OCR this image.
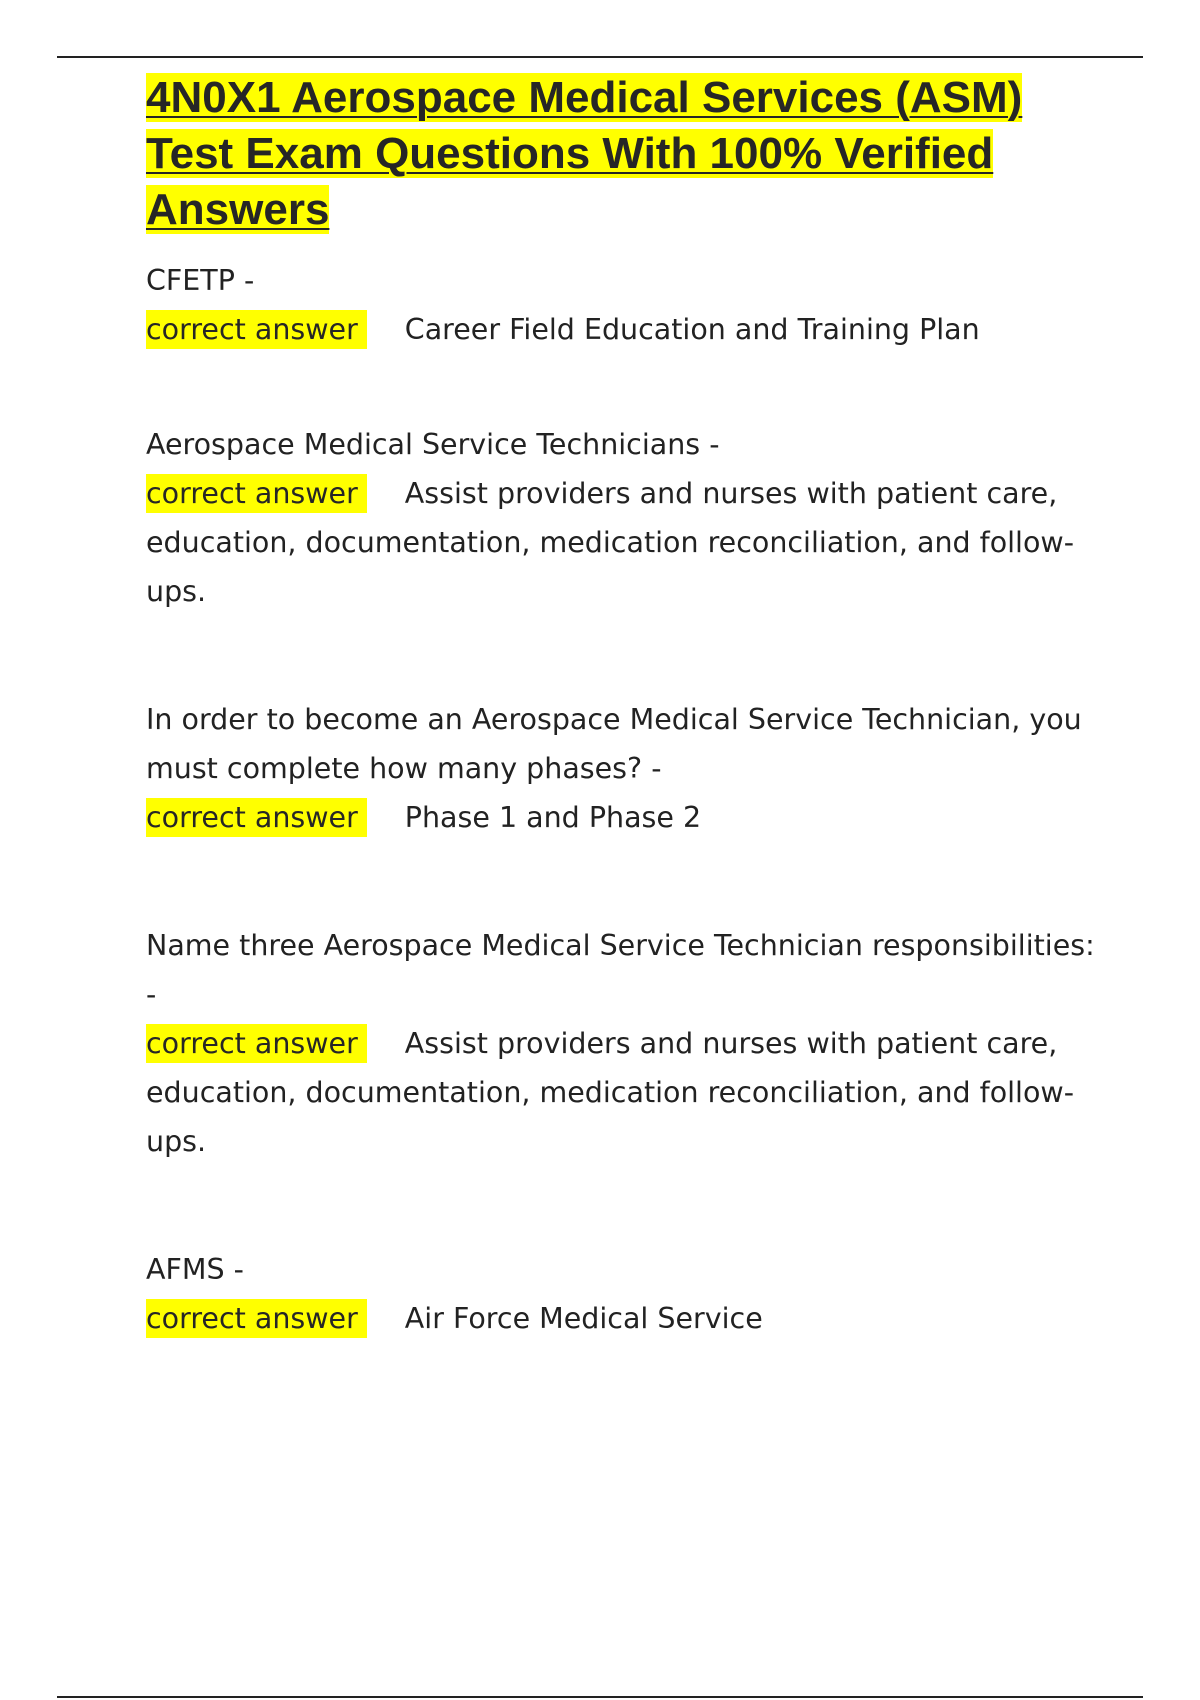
4N0X1 Aerospace Medical Services (ASM) Test Exam Questions With 100% Verified Answers
CFETP -
correct answer Career Field Education and Training Plan
Aerospace Medical Service Technicians -
correct answer Assist providers and nurses with patient care, education, documentation, medication reconciliation, and follow-ups.
In order to become an Aerospace Medical Service Technician, you must complete how many phases? -
correct answer Phase 1 and Phase 2
Name three Aerospace Medical Service Technician responsibilities: -
correct answer Assist providers and nurses with patient care, education, documentation, medication reconciliation, and follow-ups.
AFMS -
correct answer Air Force Medical Service
